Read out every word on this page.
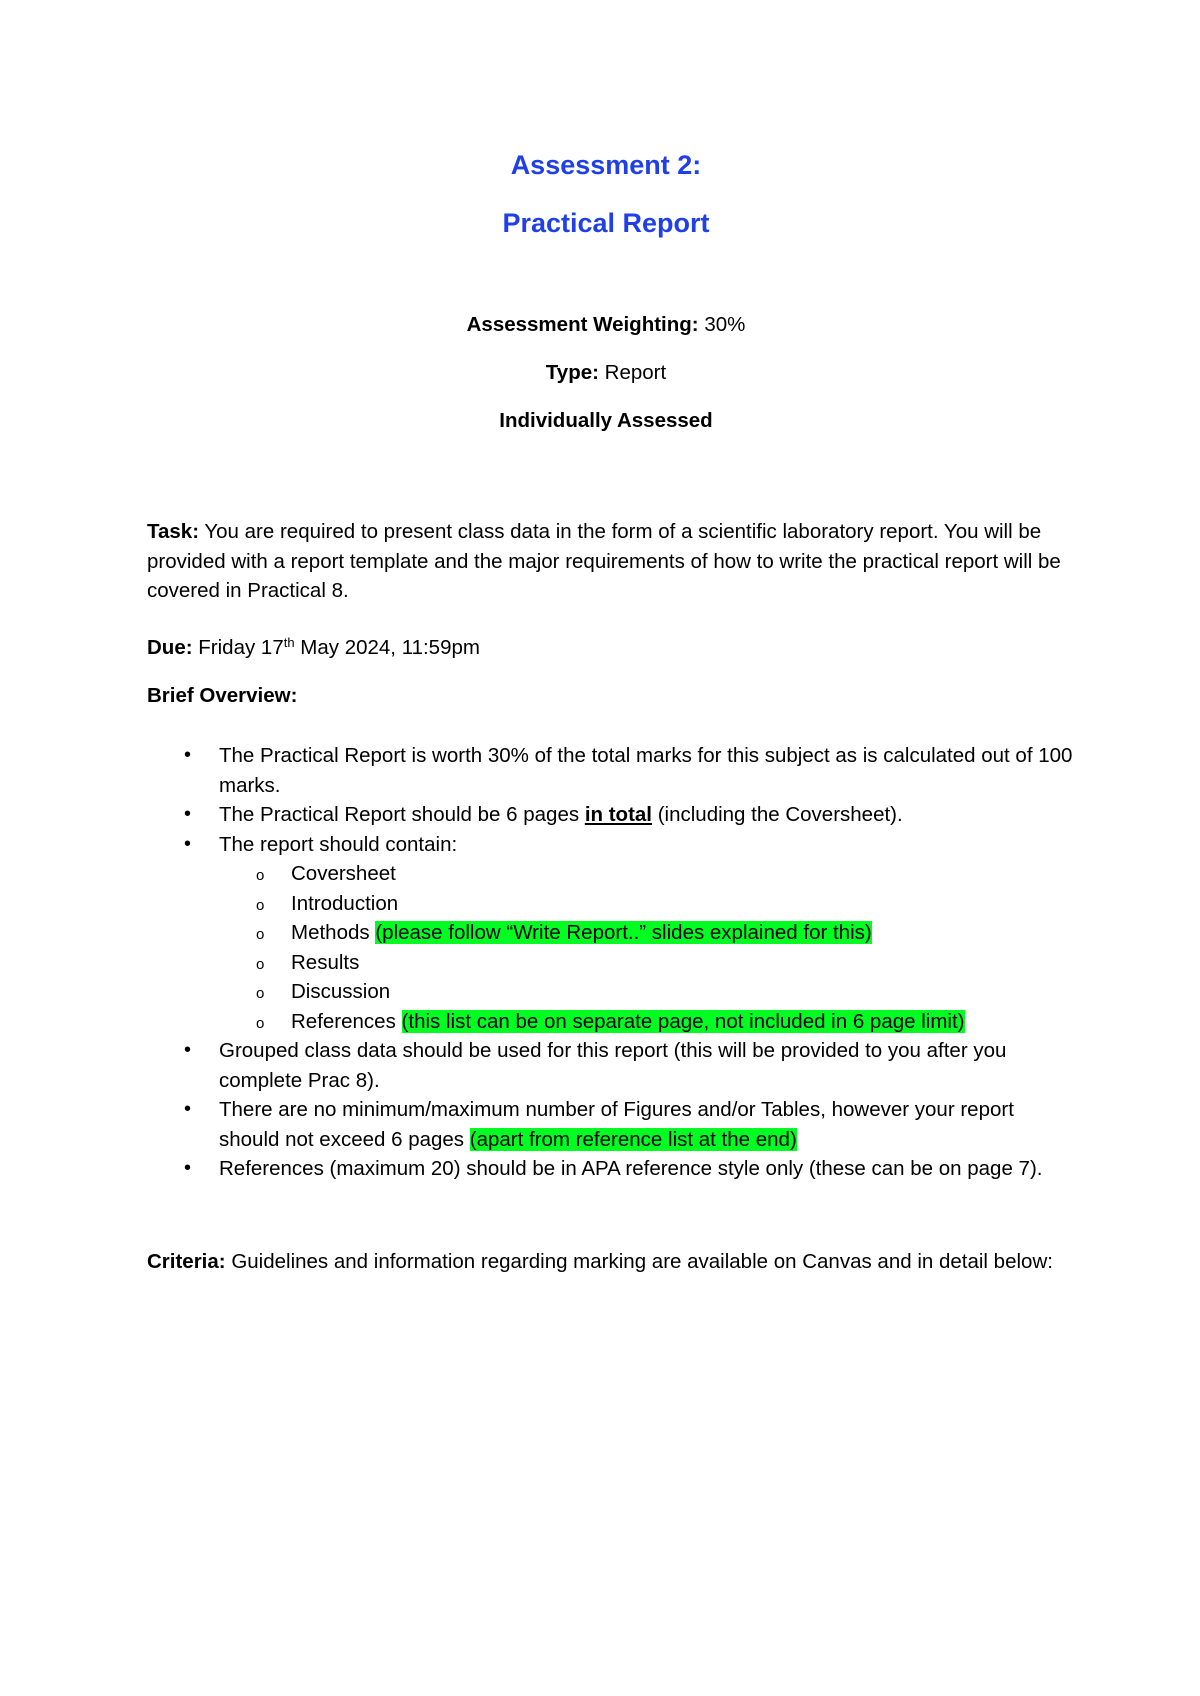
Assessment 2:
Practical Report

Assessment Weighting: 30%

Type: Report

Individually Assessed

Task: You are required to present class data in the form of a scientific laboratory report. You will be provided with a report template and the major requirements of how to write the practical report will be covered in Practical 8.

Due: Friday 17th May 2024, 11:59pm

Brief Overview:

• The Practical Report is worth 30% of the total marks for this subject as is calculated out of 100 marks.
• The Practical Report should be 6 pages in total (including the Coversheet).
• The report should contain:
o Coversheet
o Introduction
o Methods (please follow “Write Report..” slides explained for this)
o Results
o Discussion
o References (this list can be on separate page, not included in 6 page limit)
• Grouped class data should be used for this report (this will be provided to you after you complete Prac 8).
• There are no minimum/maximum number of Figures and/or Tables, however your report should not exceed 6 pages (apart from reference list at the end)
• References (maximum 20) should be in APA reference style only (these can be on page 7).

Criteria: Guidelines and information regarding marking are available on Canvas and in detail below:
